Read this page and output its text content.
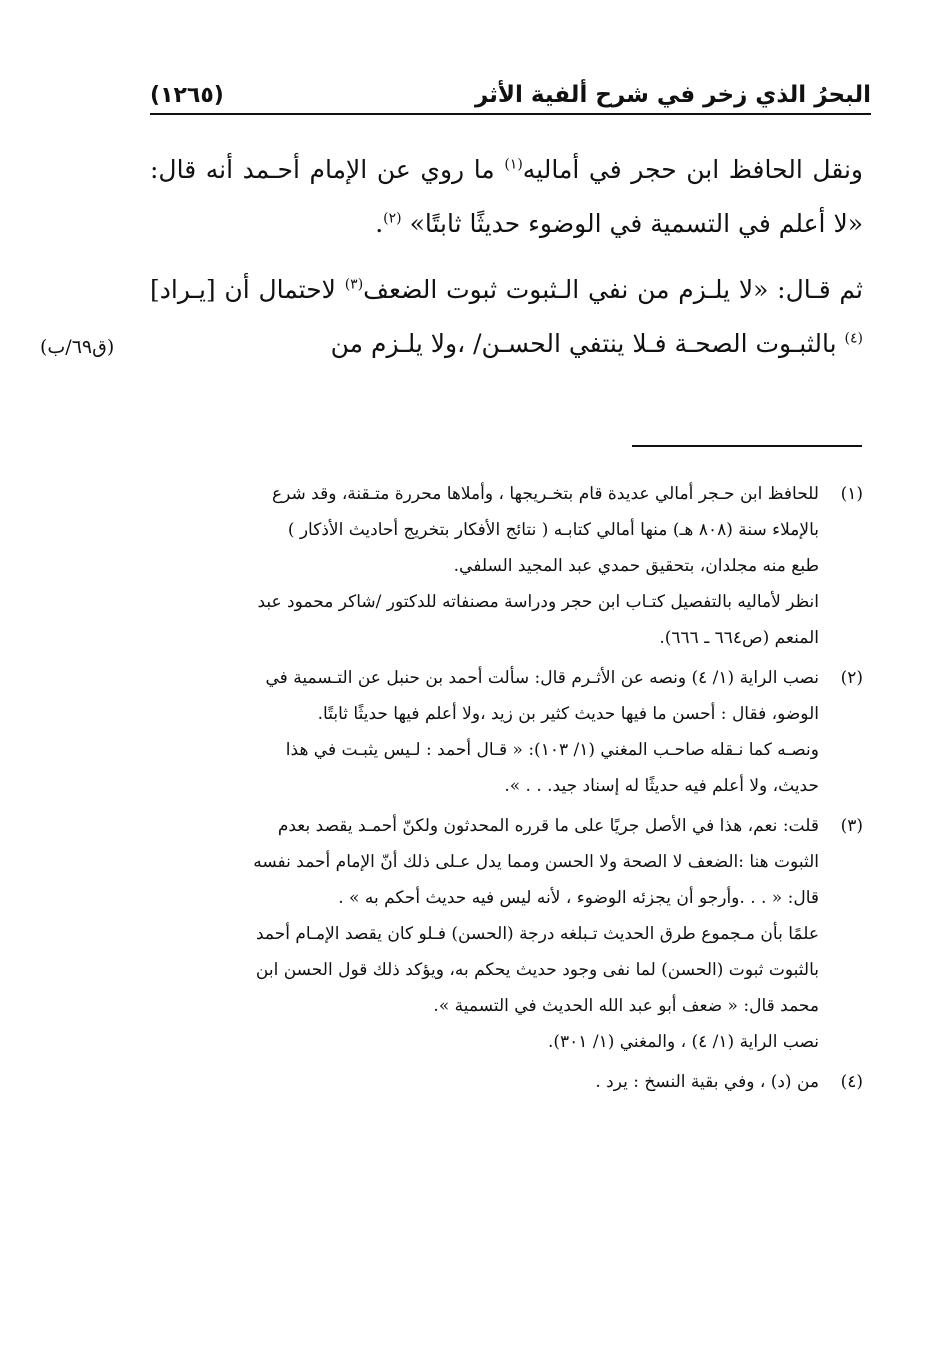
(١٢٦٥)	البحرُ الذي زخر في شرح ألفية الأثر

ونقل الحافظ ابن حجر في أماليه$^{(١)}$ ما روي عن الإمام أحـمد أنه قال: «لا أعلم في التسمية في الوضوء حديثًا ثابتًا» $^{(٢)}$.

ثم قـال: «لا يلـزم من نفي الـثبوت ثبوت الضعف$^{(٣)}$ لاحتمال أن [يـراد]$^{(٤)}$ بالثبـوت الصحـة فـلا ينتفي الحسـن/ ،ولا يلـزم من

(ق٦٩/ب)
(١)
للحافظ ابن حـجر أمالي عديدة قام بتخـريجها ، وأملاها محررة متـقنة، وقد شرع
بالإملاء سنة (٨٠٨ هـ) منها أمالي كتابـه ( نتائج الأفكار بتخريج أحاديث الأذكار )
طبع منه مجلدان، بتحقيق حمدي عبد المجيد السلفي.
انظر لأماليه بالتفصيل كتـاب ابن حجر ودراسة مصنفاته للدكتور /شاكر محمود عبد
المنعم (ص٦٦٤ ـ ٦٦٦).
(٢)
نصب الراية (١/ ٤) ونصه عن الأثـرم قال: سألت أحمد بن حنبل عن التـسمية في
الوضو، فقال : أحسن ما فيها حديث كثير بن زيد ،ولا أعلم فيها حديثًا ثابتًا.
ونصـه كما نـقله صاحـب المغني (١/ ١٠٣): « قـال أحمد : لـيس يثبـت في هذا
حديث، ولا أعلم فيه حديثًا له إسناد جيد. . . ».
(٣)
قلت: نعم، هذا في الأصل جريًا على ما قرره المحدثون ولكنّ أحمـد يقصد بعدم
الثبوت هنا :الضعف لا الصحة ولا الحسن ومما يدل عـلى ذلك أنّ الإمام أحمد نفسه
قال: « . . .وأرجو أن يجزئه الوضوء ، لأنه ليس فيه حديث أحكم به » .
علمًا بأن مـجموع طرق الحديث تـبلغه درجة (الحسن) فـلو كان يقصد الإمـام أحمد
بالثبوت ثبوت (الحسن) لما نفى وجود حديث يحكم به، ويؤكد ذلك قول الحسن ابن
محمد قال: « ضعف أبو عبد الله الحديث في التسمية ».
نصب الراية (١/ ٤) ، والمغني (١/ ٣٠١).
(٤)
من (د) ، وفي بقية النسخ : يرد .
